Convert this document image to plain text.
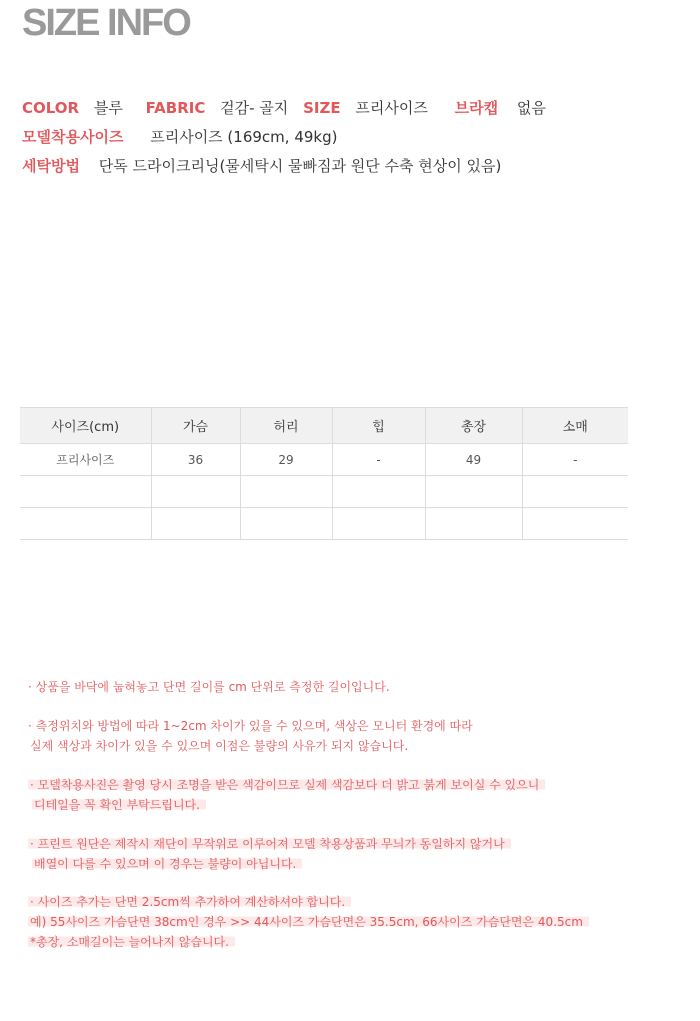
SIZE INFO
COLOR 블루 FABRIC 겉감- 골지 SIZE 프리사이즈 브라캡 없음
모델착용사이즈 프리사이즈 (169cm, 49kg)
세탁방법 단독 드라이크리닝(물세탁시 물빠짐과 원단 수축 현상이 있음)
사이즈(cm)	가슴	허리	힙	총장	소매
프리사이즈	36	29	-	49	-

· 상품을 바닥에 눕혀놓고 단면 길이를 cm 단위로 측정한 길이입니다.
· 측정위치와 방법에 따라 1~2cm 차이가 있을 수 있으며, 색상은 모니터 환경에 따라
실제 색상과 차이가 있을 수 있으며 이점은 불량의 사유가 되지 않습니다.
· 모델착용사진은 촬영 당시 조명을 받은 색감이므로 실제 색감보다 더 밝고 붉게 보이실 수 있으니
디테일을 꼭 확인 부탁드립니다.
· 프린트 원단은 제작시 재단이 무작위로 이루어져 모델 착용상품과 무늬가 동일하지 않거나
배열이 다를 수 있으며 이 경우는 불량이 아닙니다.
· 사이즈 추가는 단면 2.5cm씩 추가하여 계산하셔야 합니다.
예) 55사이즈 가슴단면 38cm인 경우 >> 44사이즈 가슴단면은 35.5cm, 66사이즈 가슴단면은 40.5cm
*총장, 소매길이는 늘어나지 않습니다.
